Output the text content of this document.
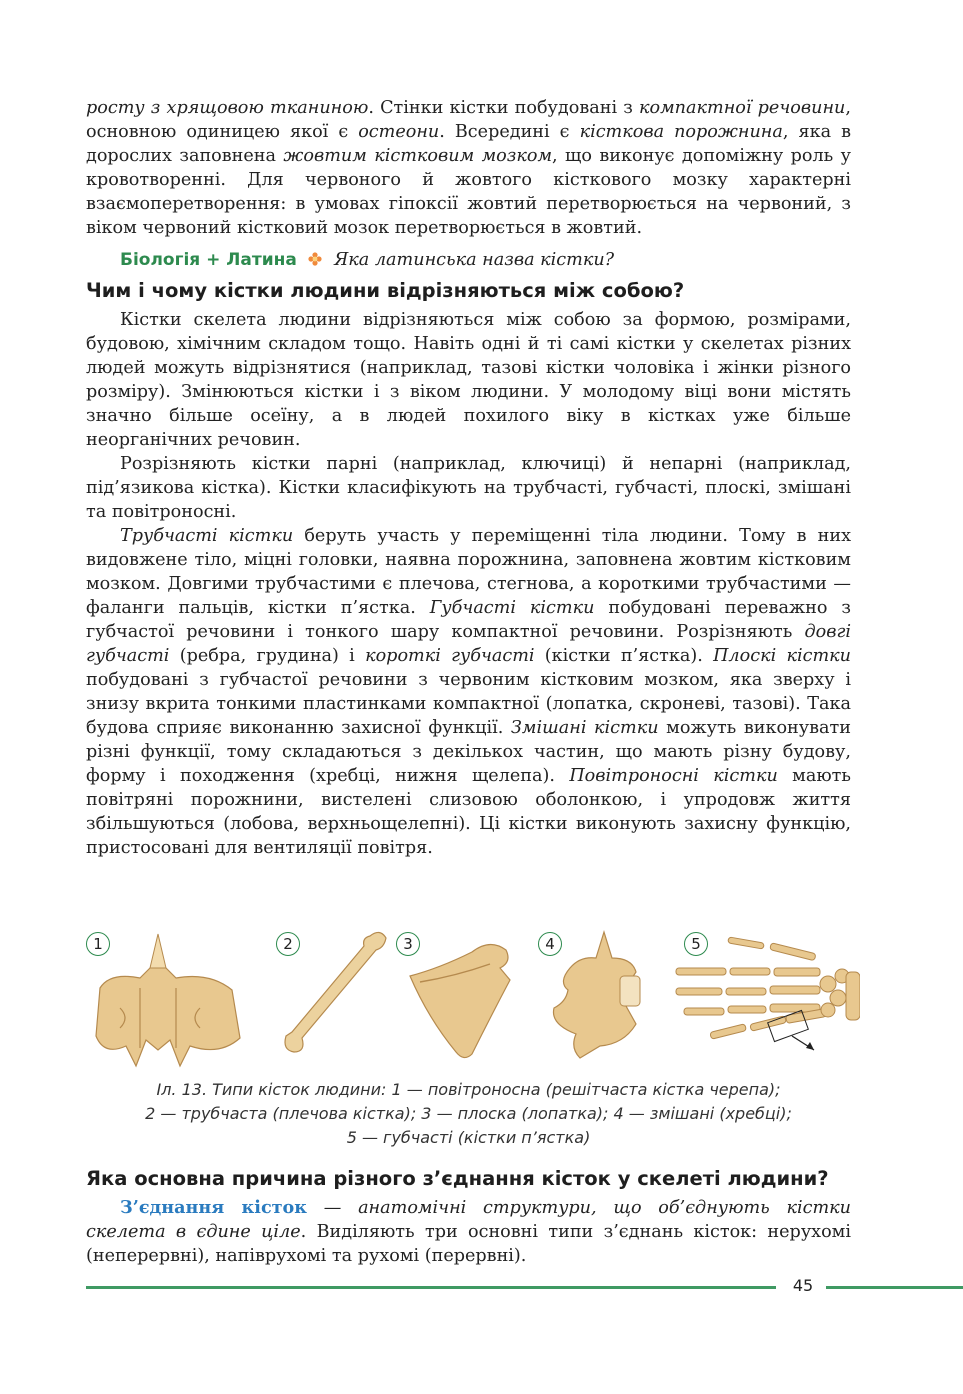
росту з хрящовою тканиною. Стінки кістки побудовані з компактної речовини, основною одиницею якої є остеони. Всередині є кісткова порожнина, яка в дорослих заповнена жовтим кістковим мозком, що виконує допоміжну роль у кровотворенні. Для червоного й жовтого кісткового мозку характерні взаємоперетворення: в умовах гіпоксії жовтий перетворюється на червоний, з віком червоний кістковий мозок перетворюється в жовтий.

Біологія + Латина Яка латинська назва кістки?
Чим і чому кістки людини відрізняються між собою?

Кістки скелета людини відрізняються між собою за формою, розмірами, будовою, хімічним складом тощо. Навіть одні й ті самі кістки у скелетах різних людей можуть відрізнятися (наприклад, тазові кістки чоловіка і жінки різного розміру). Змінюються кістки і з віком людини. У молодому віці вони містять значно більше осеїну, а в людей похилого віку в кістках уже більше неорганічних речовин.

Розрізняють кістки парні (наприклад, ключиці) й непарні (наприклад, під’язикова кістка). Кістки класифікують на трубчасті, губчасті, плоскі, змішані та повітроносні.

Трубчасті кістки беруть участь у переміщенні тіла людини. Тому в них видовжене тіло, міцні головки, наявна порожнина, заповнена жовтим кістковим мозком. Довгими трубчастими є плечова, стегнова, а короткими трубчастими — фаланги пальців, кістки п’ястка. Губчасті кістки побудовані переважно з губчастої речовини і тонкого шару компактної речовини. Розрізняють довгі губчасті (ребра, грудина) і короткі губчасті (кістки п’ястка). Плоскі кістки побудовані з губчастої речовини з червоним кістковим мозком, яка зверху і знизу вкрита тонкими пластинками компактної (лопатка, скроневі, тазові). Така будова сприяє виконанню захисної функції. Змішані кістки можуть виконувати різні функції, тому складаються з декількох частин, що мають різну будову, форму і походження (хребці, нижня щелепа). Повітроносні кістки мають повітряні порожнини, вистелені слизовою оболонкою, і упродовж життя збільшуються (лобова, верхньощелепні). Ці кістки виконують захисну функцію, пристосовані для вентиляції повітря.

1	2	3	4	5
Іл. 13. Типи кісток людини: 1 — повітроносна (решітчаста кістка черепа);
2 — трубчаста (плечова кістка); 3 — плоска (лопатка); 4 — змішані (хребці);
5 — губчасті (кістки п’ястка)
Яка основна причина різного з’єднання кісток у скелеті людини?

З’єднання кісток — анатомічні структури, що об’єднують кістки скелета в єдине ціле. Виділяють три основні типи з’єднань кісток: нерухомі (неперервні), напіврухомі та рухомі (перервні).

45
